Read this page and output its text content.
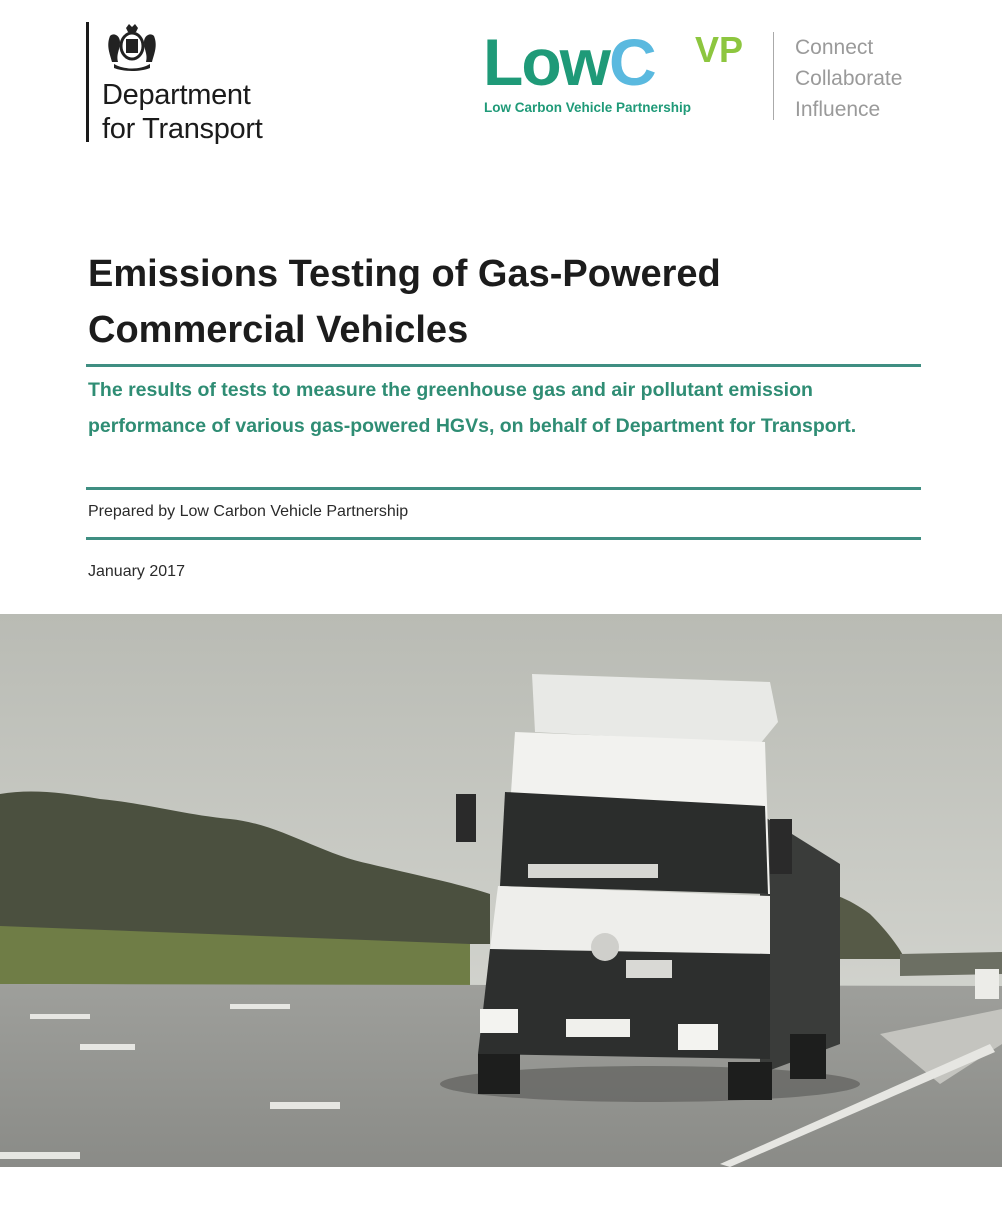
Department
for Transport
LowC VP
Low Carbon Vehicle Partnership
Connect
Collaborate
Influence
Emissions Testing of Gas-Powered Commercial Vehicles
The results of tests to measure the greenhouse gas and air pollutant emission performance of various gas-powered HGVs, on behalf of Department for Transport.
Prepared by Low Carbon Vehicle Partnership
January 2017
